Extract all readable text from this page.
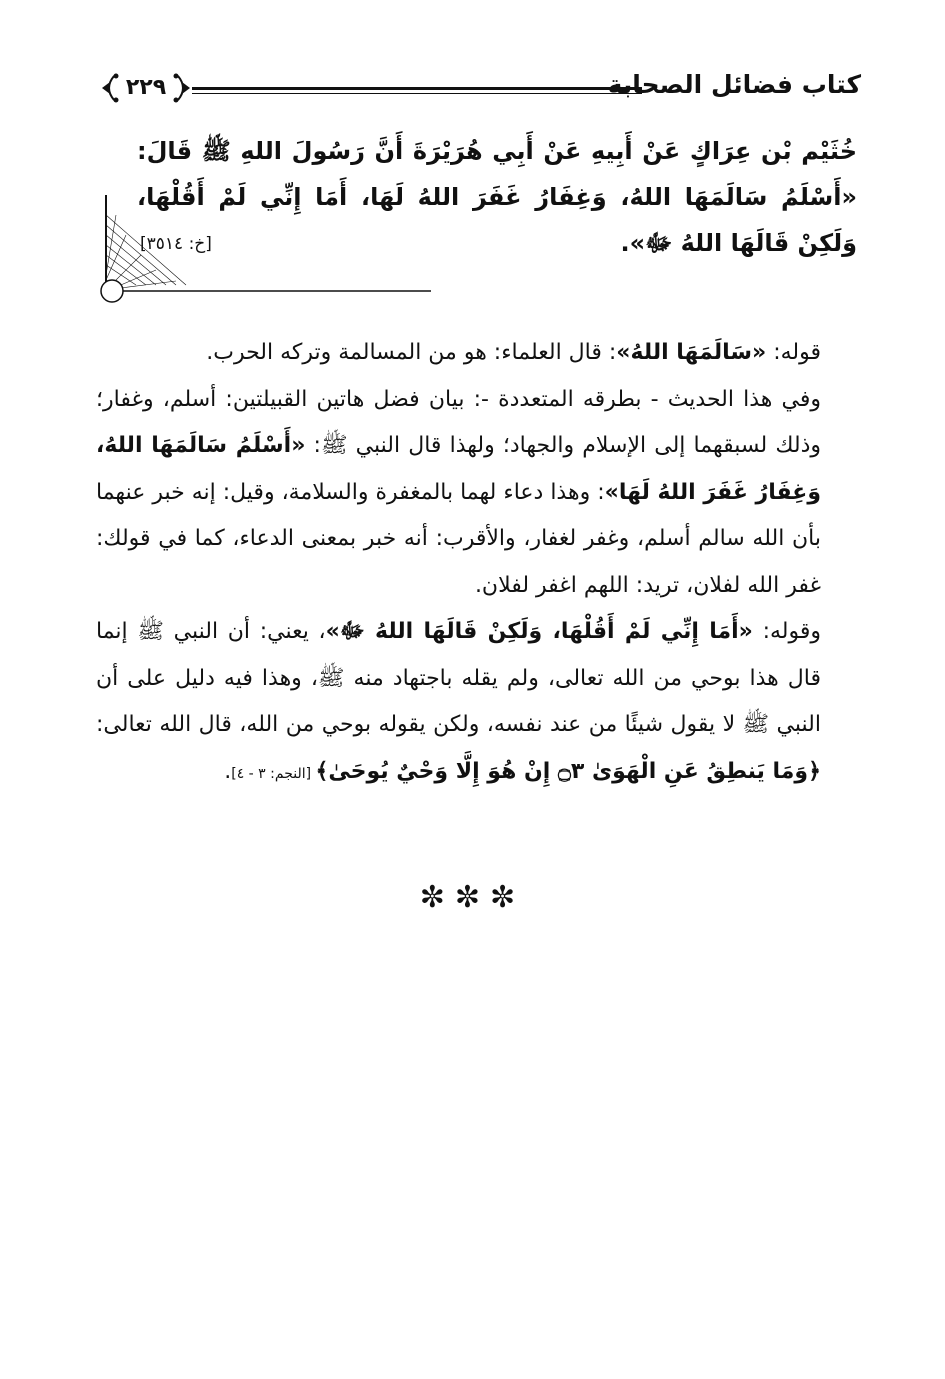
كتاب فضائل الصحابة
٢٢٩

خُثَيْم بْن عِرَاكٍ عَنْ أَبِيهِ عَنْ أَبِي هُرَيْرَةَ أَنَّ رَسُولَ اللهِ ﷺ قَالَ: «أَسْلَمُ سَالَمَهَا اللهُ، وَغِفَارُ غَفَرَ اللهُ لَهَا، أَمَا إِنِّي لَمْ أَقُلْهَا، وَلَكِنْ قَالَهَا اللهُ ﷻ».

[خ: ٣٥١٤]

قوله: «سَالَمَهَا اللهُ»: قال العلماء: هو من المسالمة وتركه الحرب.

وفي هذا الحديث - بطرقه المتعددة -: بيان فضل هاتين القبيلتين: أسلم، وغفار؛ وذلك لسبقهما إلى الإسلام والجهاد؛ ولهذا قال النبي ﷺ: «أَسْلَمُ سَالَمَهَا اللهُ، وَغِفَارُ غَفَرَ اللهُ لَهَا»: وهذا دعاء لهما بالمغفرة والسلامة، وقيل: إنه خبر عنهما بأن الله سالم أسلم، وغفر لغفار، والأقرب: أنه خبر بمعنى الدعاء، كما في قولك: غفر الله لفلان، تريد: اللهم اغفر لفلان.

وقوله: «أَمَا إِنِّي لَمْ أَقُلْهَا، وَلَكِنْ قَالَهَا اللهُ ﷻ»، يعني: أن النبي ﷺ إنما قال هذا بوحي من الله تعالى، ولم يقله باجتهاد منه ﷺ، وهذا فيه دليل على أن النبي ﷺ لا يقول شيئًا من عند نفسه، ولكن يقوله بوحي من الله، قال الله تعالى: ﴿وَمَا يَنطِقُ عَنِ الْهَوَىٰ ۝٣ إِنْ هُوَ إِلَّا وَحْيٌ يُوحَىٰ﴾ [النجم: ٣ - ٤].

✼✼✼
